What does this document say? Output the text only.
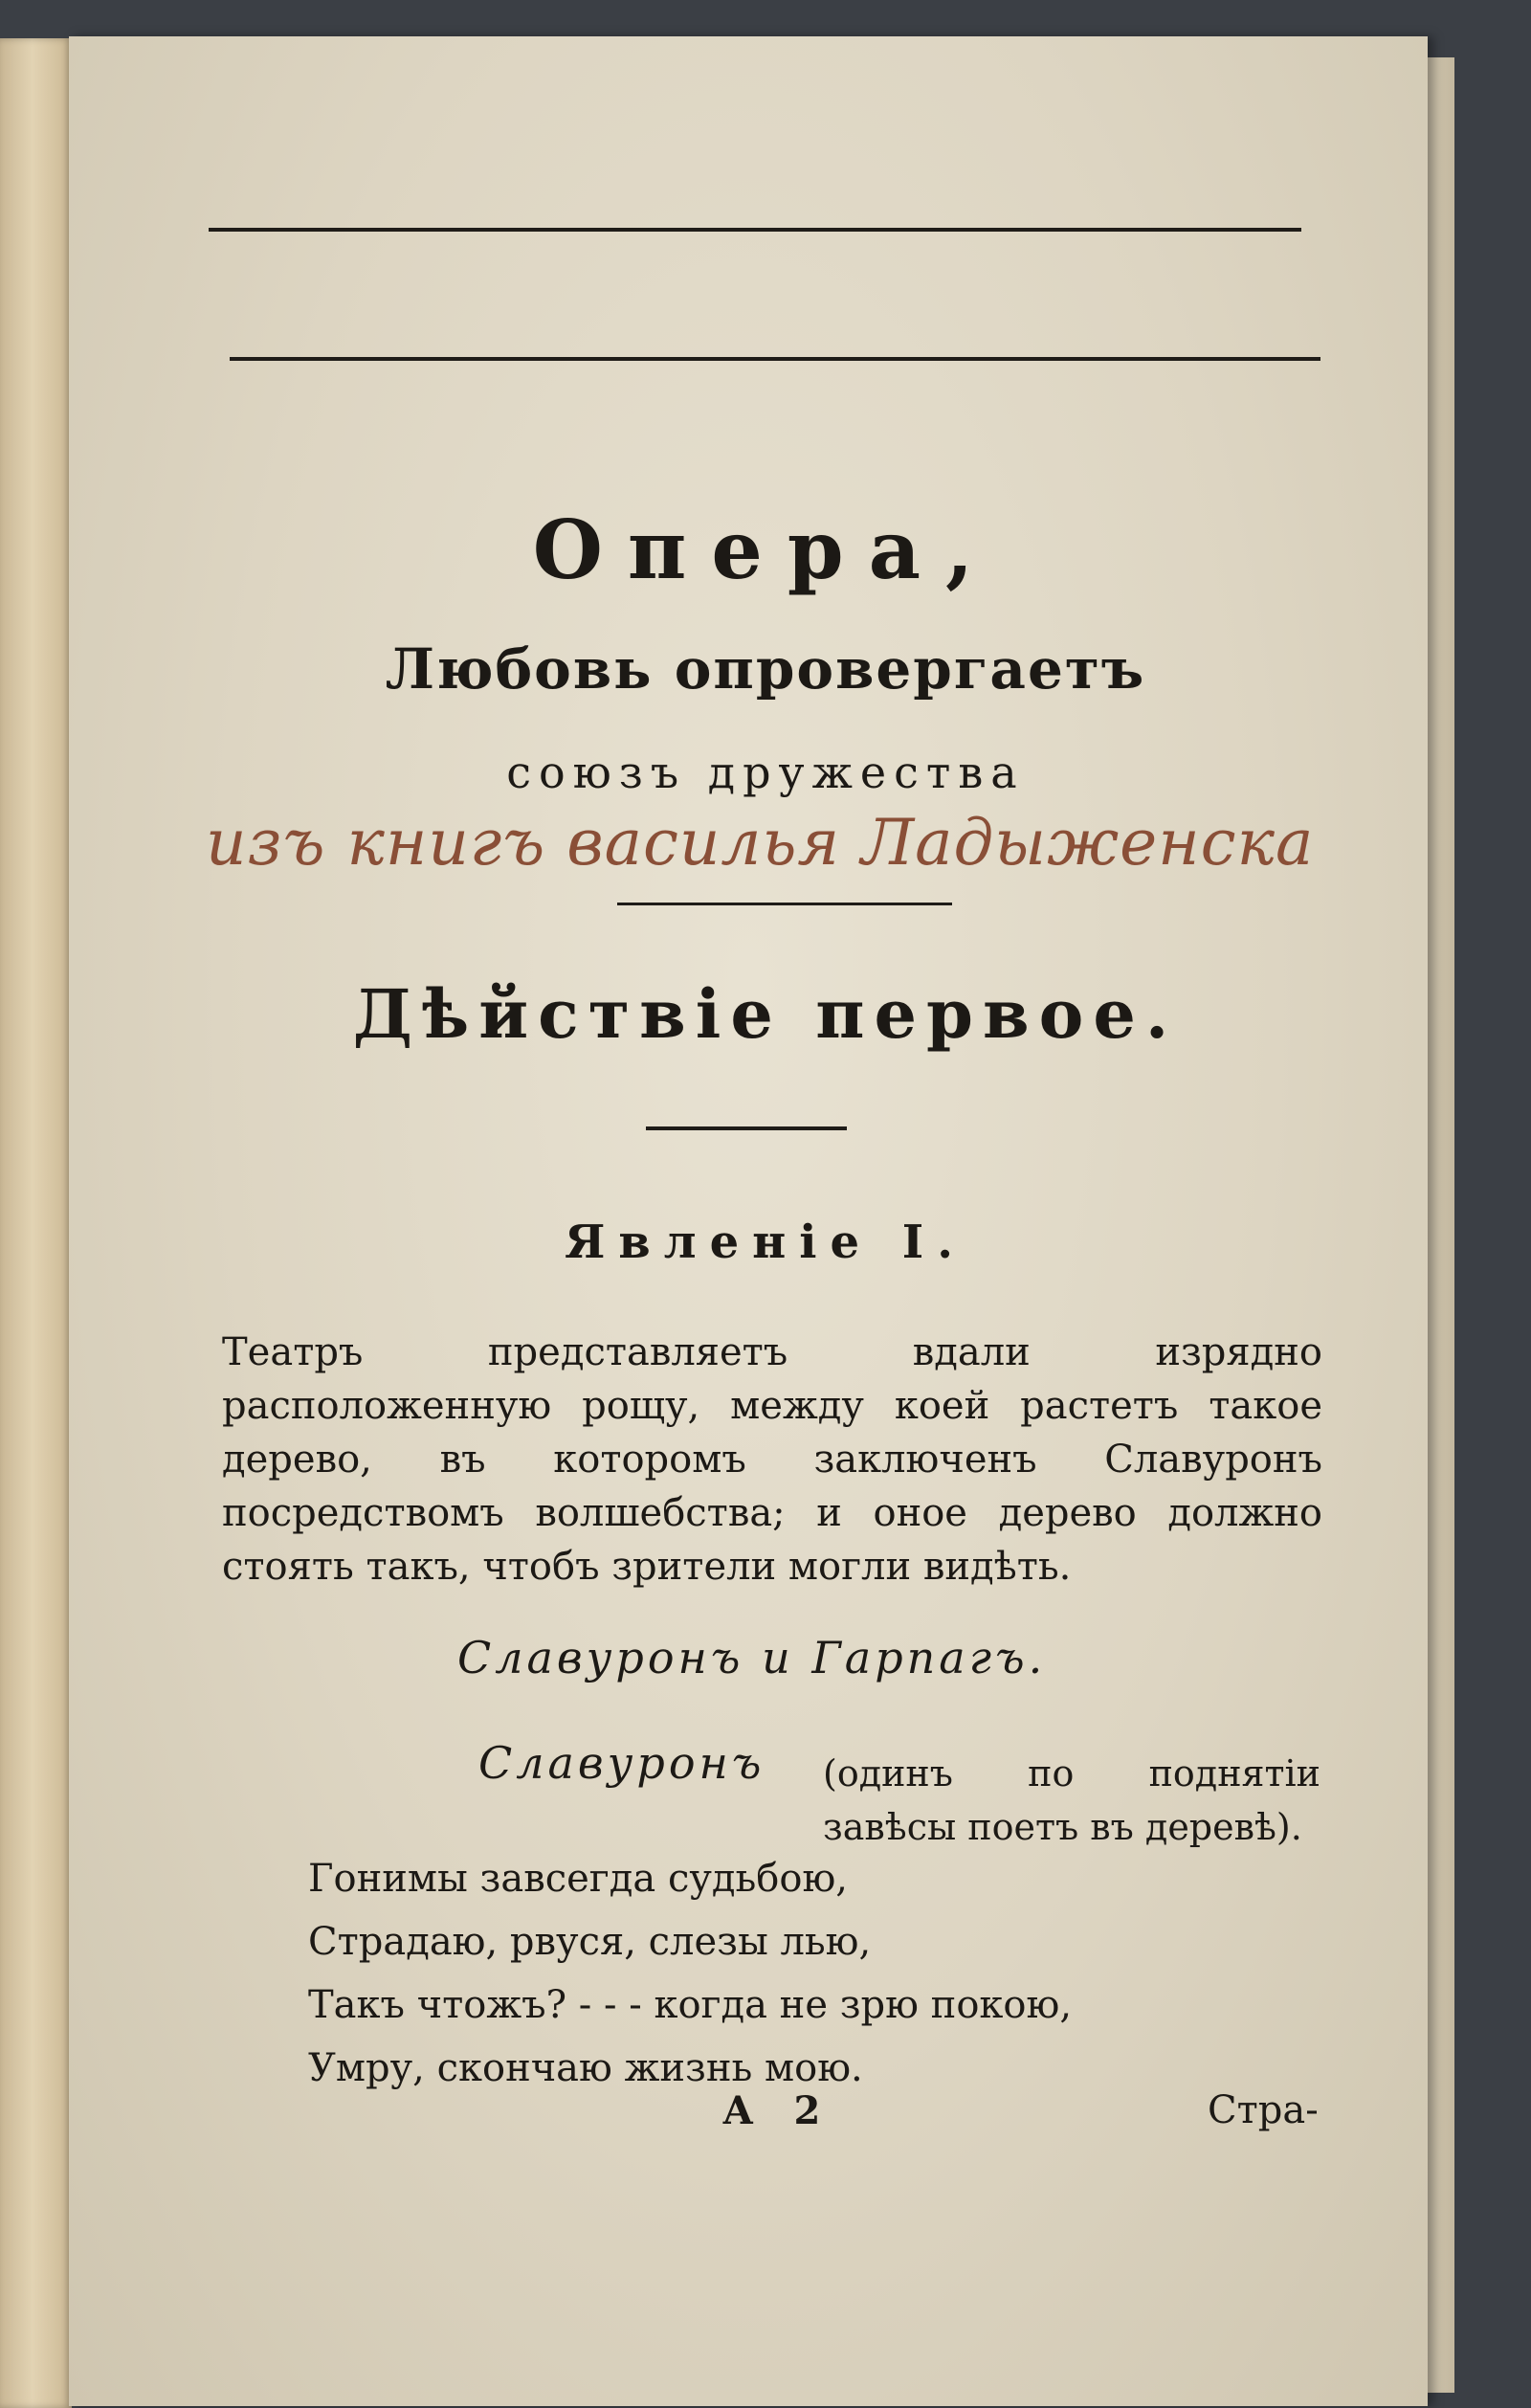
Опера,
Любовь опровергаетъ
союзъ дружества
изъ книгъ василья Ладыженска
Дѣйствіе первое.
Явленіе I.

Театръ представляетъ вдали изрядно расположенную рощу, между коей растетъ такое дерево, въ которомъ заключенъ Славуронъ посредствомъ волшебства; и оное дерево должно стоять такъ, чтобъ зрители могли видѣть.

Славуронъ и Гарпагъ.
Славуронъ (одинъ по поднятіи завѣсы поетъ въ деревѣ).
Гонимы завсегда судьбою,
Страдаю, рвуся, слезы лью,
Такъ чтожъ? - - - когда не зрю покою,
Умру, скончаю жизнь мою.
А 2	Стра-
